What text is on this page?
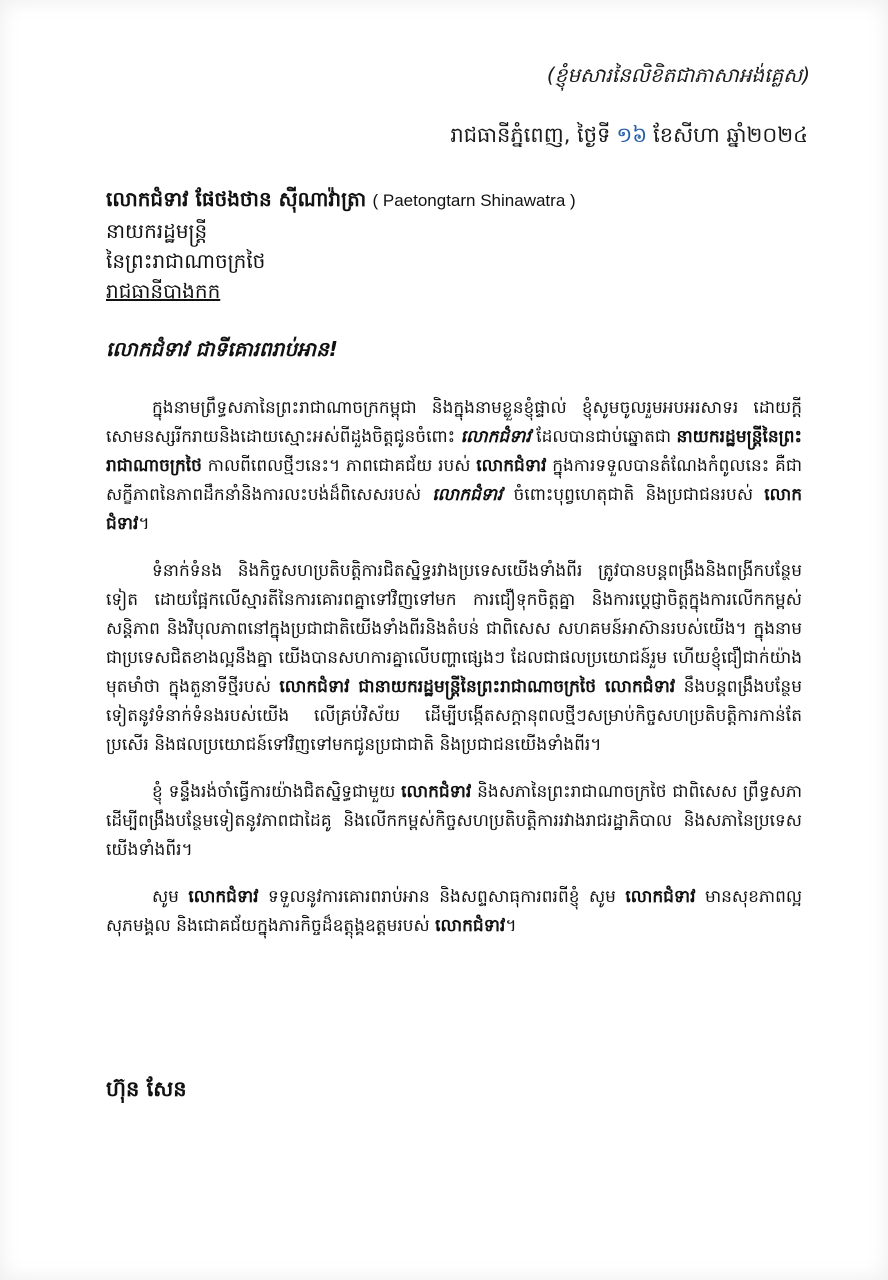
(ខ្ញុំមសារនៃលិខិតជាភាសាអង់គ្លេស)
រាជធានីភ្នំពេញ, ថ្ងៃទី ១៦ ខែសីហា ឆ្នាំ២០២៤
លោកជំទាវ ផែថងថាន ស៊ីណាវ៉ាត្រា ( Paetongtarn Shinawatra )
នាយករដ្ឋមន្ត្រី
នៃព្រះរាជាណាចក្រថៃ
រាជធានីបាងកក
លោកជំទាវ ជាទីគោរពរាប់អាន!

ក្នុងនាមព្រឹទ្ធសភានៃព្រះរាជាណាចក្រកម្ពុជា និងក្នុងនាមខ្លួនខ្ញុំផ្ទាល់ ខ្ញុំសូមចូលរួមអបអរសាទរ ដោយក្ដីសោមនស្សរីករាយនិងដោយស្មោះអស់ពីដួងចិត្តជូនចំពោះ លោកជំទាវ ដែលបានជាប់ឆ្នោតជា នាយករដ្ឋមន្ត្រីនៃព្រះរាជាណាចក្រថៃ កាលពីពេលថ្មីៗនេះ។ ភាពជោគជ័យ របស់ លោកជំទាវ ក្នុងការទទួលបានតំណែងកំពូលនេះ គឺជាសក្ខីភាពនៃភាពដឹកនាំនិងការលះបង់ដ៏ពិសេសរបស់ លោកជំទាវ ចំពោះបុព្វហេតុជាតិ និងប្រជាជនរបស់ លោកជំទាវ។

ទំនាក់ទំនង និងកិច្ចសហប្រតិបត្តិការជិតស្និទ្ធរវាងប្រទេសយើងទាំងពីរ ត្រូវបានបន្តពង្រឹងនិងពង្រីកបន្ថែមទៀត ដោយផ្អែកលើស្មារតីនៃការគោរពគ្នាទៅវិញទៅមក ការជឿទុកចិត្តគ្នា និងការប្ដេជ្ញាចិត្តក្នុងការលើកកម្ពស់សន្តិភាព និងវិបុលភាពនៅក្នុងប្រជាជាតិយើងទាំងពីរនិងតំបន់ ជាពិសេស សហគមន៍អាស៊ានរបស់យើង។ ក្នុងនាមជាប្រទេសជិតខាងល្អនឹងគ្នា យើងបានសហការគ្នាលើបញ្ហាផ្សេងៗ ដែលជាផលប្រយោជន៍រួម ហើយខ្ញុំជឿជាក់យ៉ាងមុតមាំថា ក្នុងតួនាទីថ្មីរបស់ លោកជំទាវ ជានាយករដ្ឋមន្ត្រីនៃព្រះរាជាណាចក្រថៃ លោកជំទាវ នឹងបន្តពង្រឹងបន្ថែមទៀតនូវទំនាក់ទំនងរបស់យើង លើគ្រប់វិស័យ ដើម្បីបង្កើតសក្ដានុពលថ្មីៗសម្រាប់កិច្ចសហប្រតិបត្តិការកាន់តែប្រសើរ និងផលប្រយោជន៍ទៅវិញទៅមកជូនប្រជាជាតិ និងប្រជាជនយើងទាំងពីរ។

ខ្ញុំ ទន្ទឹងរង់ចាំធ្វើការយ៉ាងជិតស្និទ្ធជាមួយ លោកជំទាវ និងសភានៃព្រះរាជាណាចក្រថៃ ជាពិសេស ព្រឹទ្ធសភា ដើម្បីពង្រឹងបន្ថែមទៀតនូវភាពជាដៃគូ និងលើកកម្ពស់កិច្ចសហប្រតិបត្តិការរវាងរាជរដ្ឋាភិបាល និងសភានៃប្រទេសយើងទាំងពីរ។

សូម លោកជំទាវ ទទួលនូវការគោរពរាប់អាន និងសព្ទសាធុការពរពីខ្ញុំ សូម លោកជំទាវ មានសុខភាពល្អ សុភមង្គល និងជោគជ័យក្នុងភារកិច្ចដ៏ឧត្តុង្គឧត្តមរបស់ លោកជំទាវ។

ហ៊ុន សែន
